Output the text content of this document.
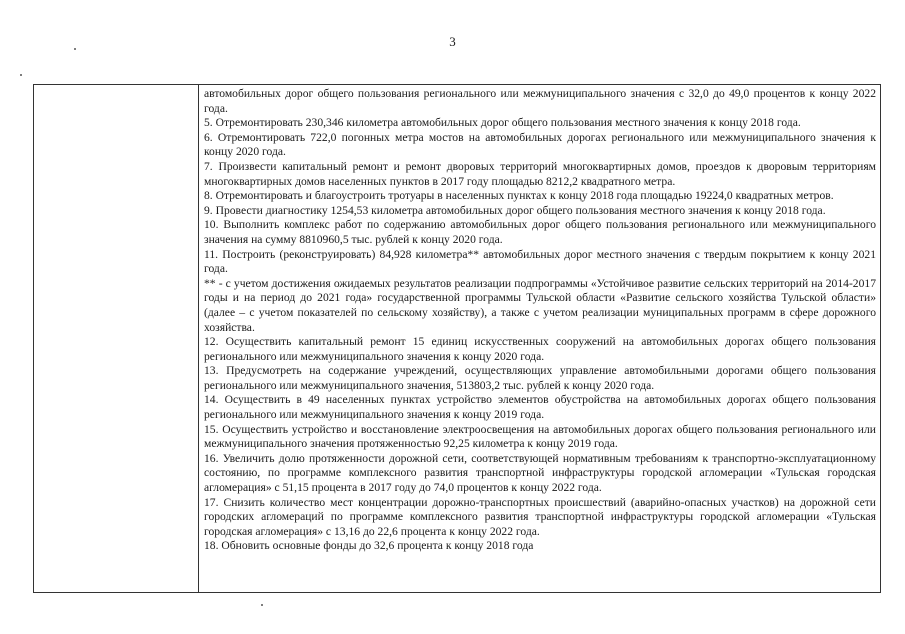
3

автомобильных дорог общего пользования регионального или межмуниципального значения с 32,0 до 49,0 процентов к концу 2022 года.

5. Отремонтировать 230,346 километра автомобильных дорог общего пользования местного значения к концу 2018 года.

6. Отремонтировать 722,0 погонных метра мостов на автомобильных дорогах регионального или межмуниципального значения к концу 2020 года.

7. Произвести капитальный ремонт и ремонт дворовых территорий многоквартирных домов, проездов к дворовым территориям многоквартирных домов населенных пунктов в 2017 году площадью 8212,2 квадратного метра.

8. Отремонтировать и благоустроить тротуары в населенных пунктах к концу 2018 года площадью 19224,0 квадратных метров.

9. Провести диагностику 1254,53 километра автомобильных дорог общего пользования местного значения к концу 2018 года.

10. Выполнить комплекс работ по содержанию автомобильных дорог общего пользования регионального или межмуниципального значения на сумму 8810960,5 тыс. рублей к концу 2020 года.

11. Построить (реконструировать) 84,928 километра** автомобильных дорог местного значения с твердым покрытием к концу 2021 года.

** - с учетом достижения ожидаемых результатов реализации подпрограммы «Устойчивое развитие сельских территорий на 2014-2017 годы и на период до 2021 года» государственной программы Тульской области «Развитие сельского хозяйства Тульской области» (далее – с учетом показателей по сельскому хозяйству), а также с учетом реализации муниципальных программ в сфере дорожного хозяйства.

12. Осуществить капитальный ремонт 15 единиц искусственных сооружений на автомобильных дорогах общего пользования регионального или межмуниципального значения к концу 2020 года.

13. Предусмотреть на содержание учреждений, осуществляющих управление автомобильными дорогами общего пользования регионального или межмуниципального значения, 513803,2 тыс. рублей к концу 2020 года.

14. Осуществить в 49 населенных пунктах устройство элементов обустройства на автомобильных дорогах общего пользования регионального или межмуниципального значения к концу 2019 года.

15. Осуществить устройство и восстановление электроосвещения на автомобильных дорогах общего пользования регионального или межмуниципального значения протяженностью 92,25 километра к концу 2019 года.

16. Увеличить долю протяженности дорожной сети, соответствующей нормативным требованиям к транспортно-эксплуатационному состоянию, по программе комплексного развития транспортной инфраструктуры городской агломерации «Тульская городская агломерация» с 51,15 процента в 2017 году до 74,0 процентов к концу 2022 года.

17. Снизить количество мест концентрации дорожно-транспортных происшествий (аварийно-опасных участков) на дорожной сети городских агломераций по программе комплексного развития транспортной инфраструктуры городской агломерации «Тульская городская агломерация» с 13,16 до 22,6 процента к концу 2022 года.

18. Обновить основные фонды до 32,6 процента к концу 2018 года
